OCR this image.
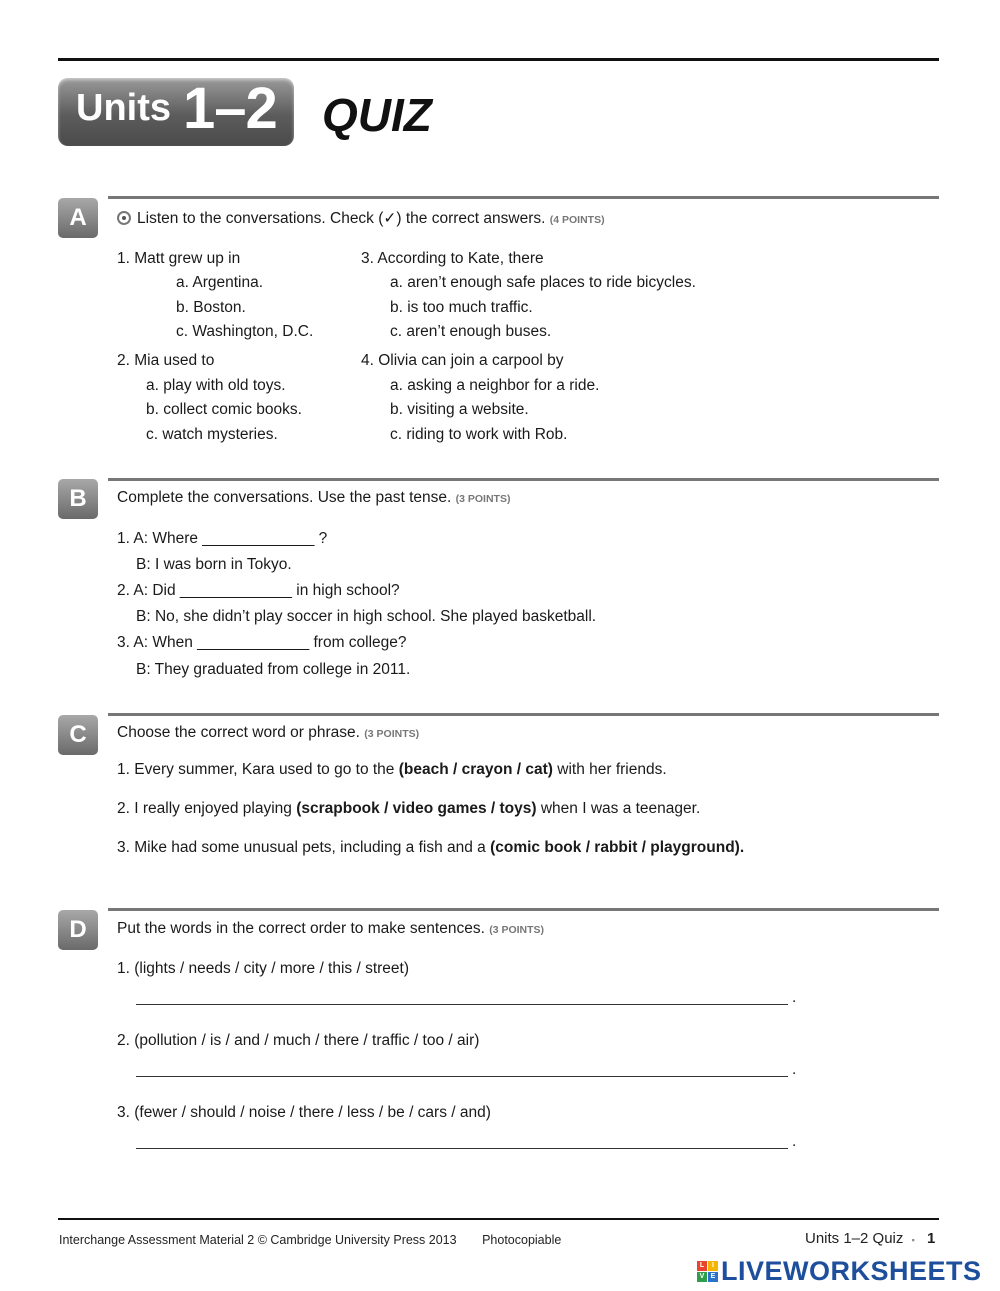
Units 1–2 QUIZ
A	Listen to the conversations. Check (✓) the correct answers. (4 POINTS)
1. Matt grew up in
a. Argentina.
b. Boston.
c. Washington, D.C.
2. Mia used to
a. play with old toys.
b. collect comic books.
c. watch mysteries.
3. According to Kate, there
a. aren’t enough safe places to ride bicycles.
b. is too much traffic.
c. aren’t enough buses.
4. Olivia can join a carpool by
a. asking a neighbor for a ride.
b. visiting a website.
c. riding to work with Rob.
B	Complete the conversations. Use the past tense. (3 POINTS)
1. A: Where _____________ ?
B: I was born in Tokyo.
2. A: Did _____________ in high school?
B: No, she didn’t play soccer in high school. She played basketball.
3. A: When _____________ from college?
B: They graduated from college in 2011.
C	Choose the correct word or phrase. (3 POINTS)
1. Every summer, Kara used to go to the (beach / crayon / cat) with her friends.
2. I really enjoyed playing (scrapbook / video games / toys) when I was a teenager.
3. Mike had some unusual pets, including a fish and a (comic book / rabbit / playground).
D	Put the words in the correct order to make sentences. (3 POINTS)
1. (lights / needs / city / more / this / street)
.
2. (pollution / is / and / much / there / traffic / too / air)
.
3. (fewer / should / noise / there / less / be / cars / and)
.
Interchange Assessment Material 2 © Cambridge University Press 2013 Photocopiable	Units 1–2 Quiz ▪ 1
L	I
V E LIVEWORKSHEETS
